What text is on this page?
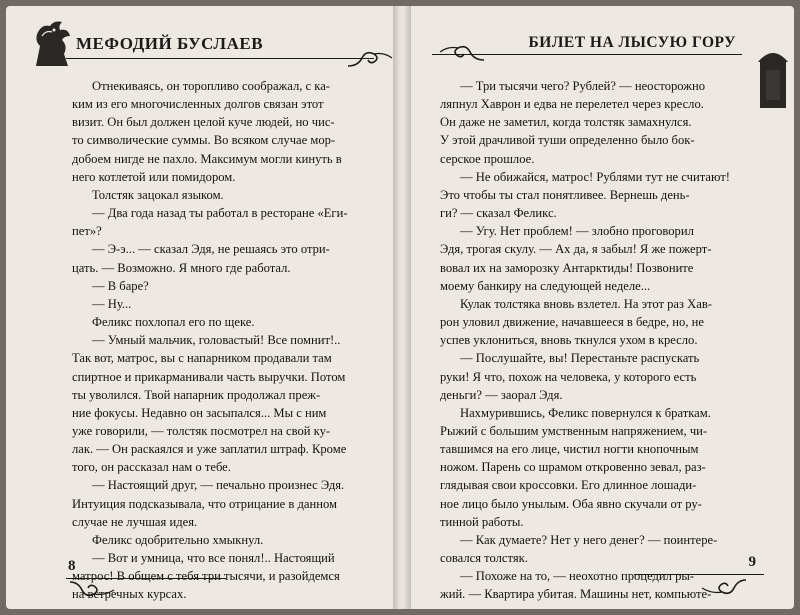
МЕФОДИЙ БУСЛАЕВ
Отнекиваясь, он торопливо соображал, с ка-
ким из его многочисленных долгов связан этот
визит. Он был должен целой куче людей, но чис-
то символические суммы. Во всяком случае мор-
добоем нигде не пахло. Максимум могли кинуть в
него котлетой или помидором.
Толстяк зацокал языком.
— Два года назад ты работал в ресторане «Еги-
пет»?
— Э-э... — сказал Эдя, не решаясь это отри-
цать. — Возможно. Я много где работал.
— В баре?
— Ну...
Феликс похлопал его по щеке.
— Умный мальчик, головастый! Все помнит!..
Так вот, матрос, вы с напарником продавали там
спиртное и прикарманивали часть выручки. Потом
ты уволился. Твой напарник продолжал преж-
ние фокусы. Недавно он засыпался... Мы с ним
уже говорили, — толстяк посмотрел на свой ку-
лак. — Он раскаялся и уже заплатил штраф. Кроме
того, он рассказал нам о тебе.
— Настоящий друг, — печально произнес Эдя.
Интуиция подсказывала, что отрицание в данном
случае не лучшая идея.
Феликс одобрительно хмыкнул.
— Вот и умница, что все понял!.. Настоящий
матрос! В общем с тебя три тысячи, и разойдемся
на встречных курсах.
8
БИЛЕТ НА ЛЫСУЮ ГОРУ
— Три тысячи чего? Рублей? — неосторожно
ляпнул Хаврон и едва не перелетел через кресло.
Он даже не заметил, когда толстяк замахнулся.
У этой драчливой туши определенно было бок-
серское прошлое.
— Не обижайся, матрос! Рублями тут не считают!
Это чтобы ты стал понятливее. Вернешь день-
ги? — сказал Феликс.
— Угу. Нет проблем! — злобно проговорил
Эдя, трогая скулу. — Ах да, я забыл! Я же пожерт-
вовал их на заморозку Антарктиды! Позвоните
моему банкиру на следующей неделе...
Кулак толстяка вновь взлетел. На этот раз Хав-
рон уловил движение, начавшееся в бедре, но, не
успев уклониться, вновь ткнулся ухом в кресло.
— Послушайте, вы! Перестаньте распускать
руки! Я что, похож на человека, у которого есть
деньги? — заорал Эдя.
Нахмурившись, Феликс повернулся к браткам.
Рыжий с большим умственным напряжением, чи-
тавшимся на его лице, чистил ногти кнопочным
ножом. Парень со шрамом откровенно зевал, раз-
глядывая свои кроссовки. Его длинное лошади-
ное лицо было унылым. Оба явно скучали от ру-
тинной работы.
— Как думаете? Нет у него денег? — поинтере-
совался толстяк.
— Похоже на то, — неохотно процедил ры-
жий. — Квартира убитая. Машины нет, компьюте-
9
